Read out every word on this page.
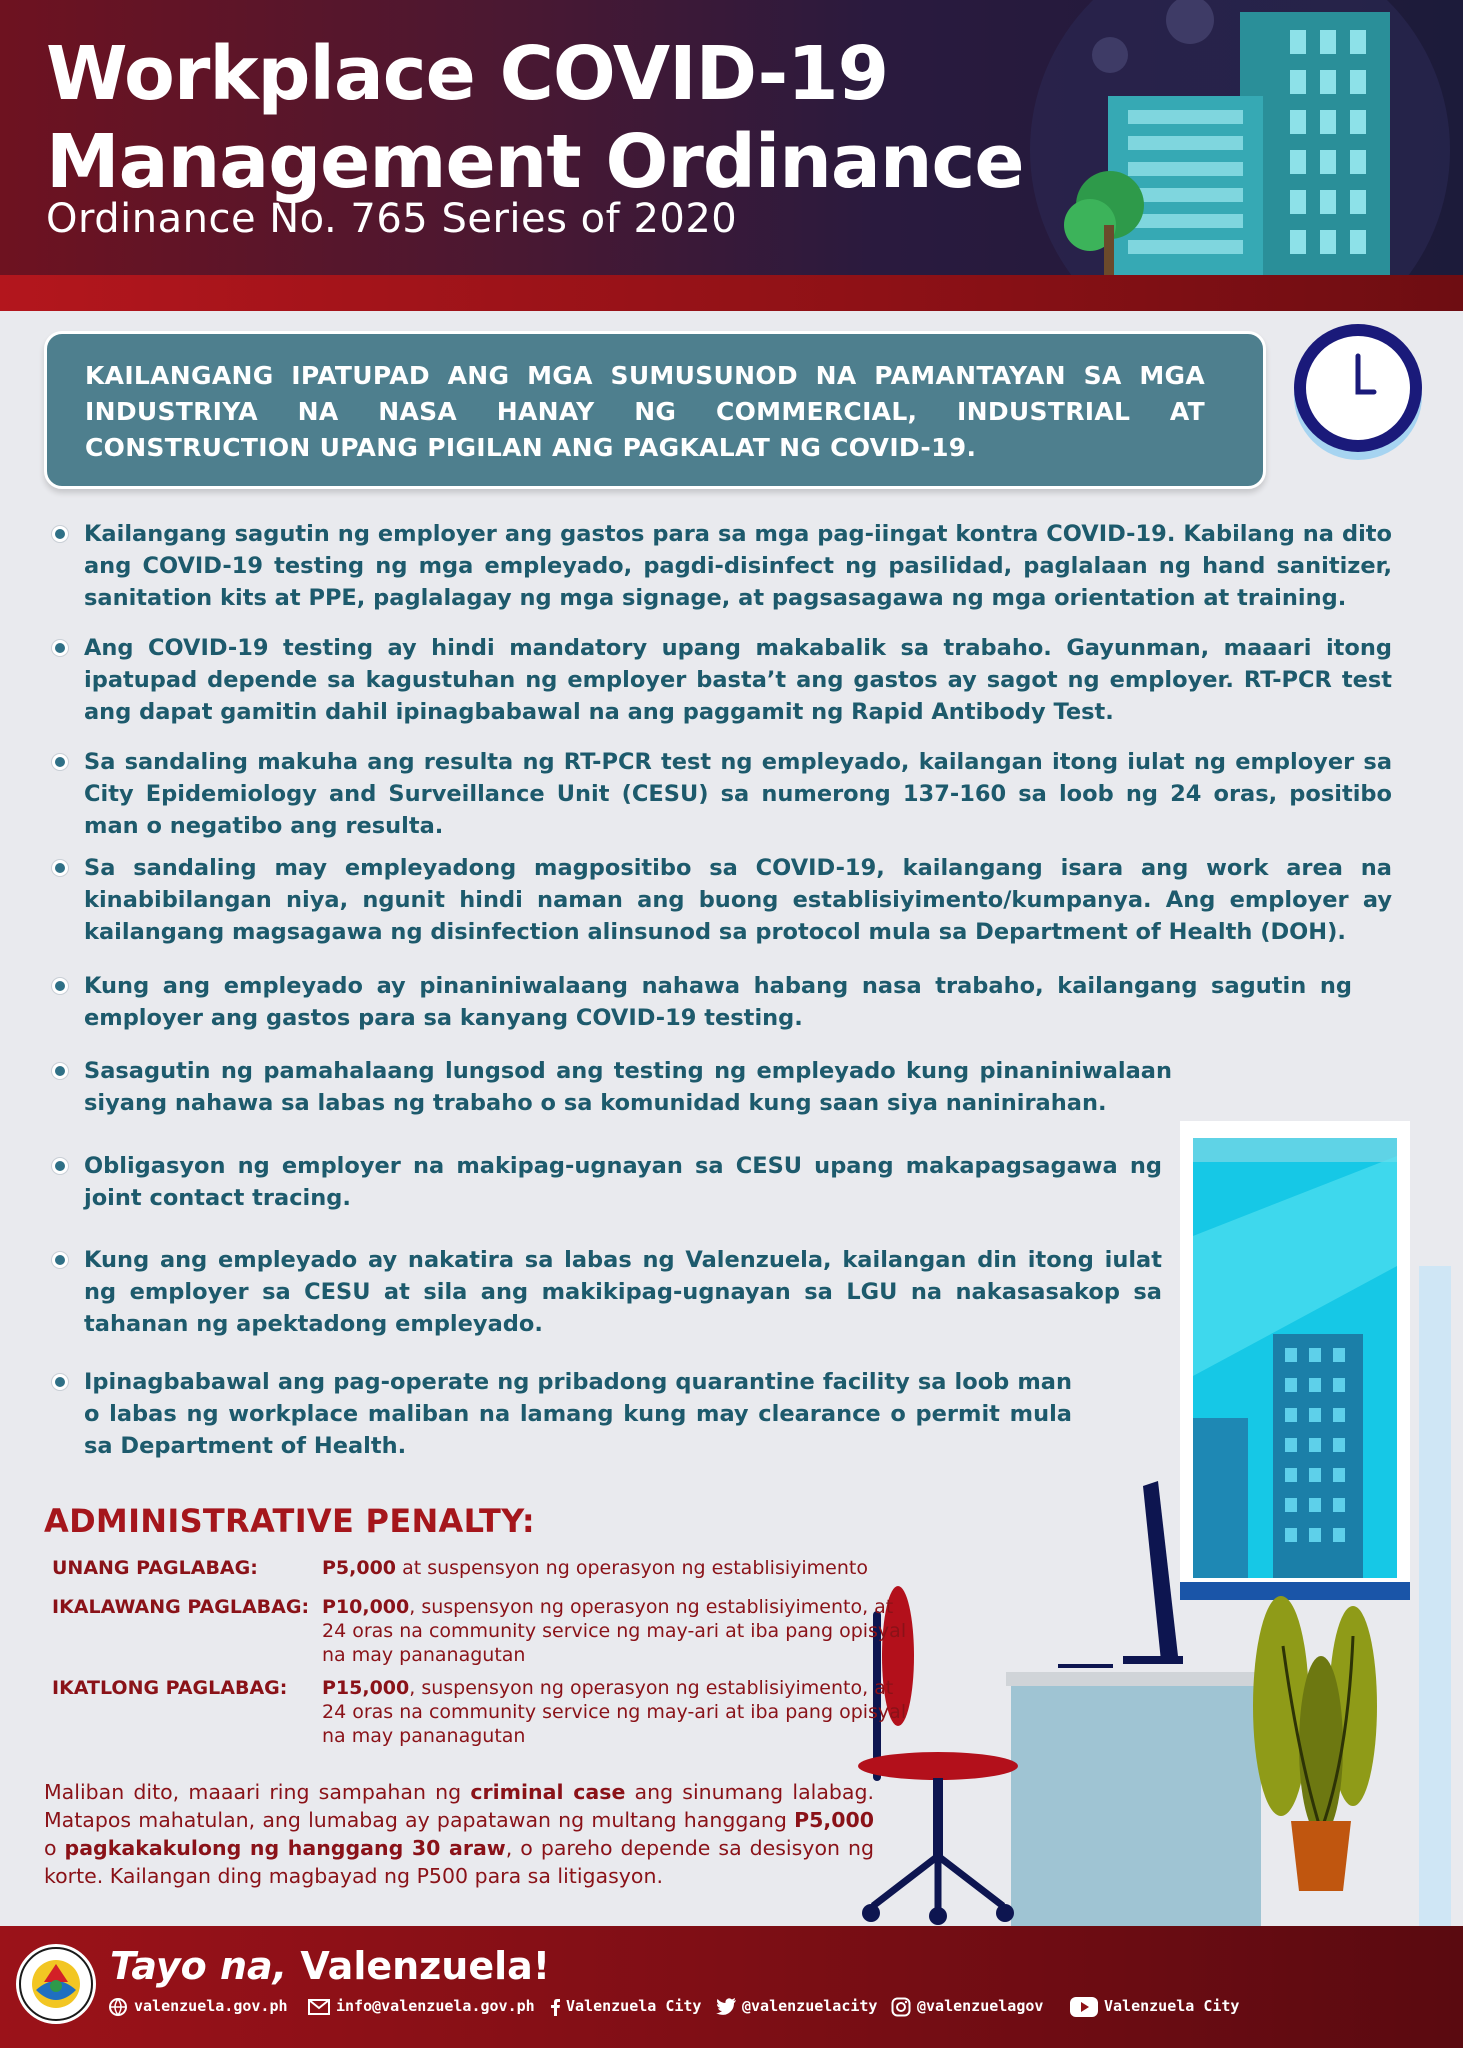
Workplace COVID-19
Management Ordinance

Ordinance No. 765 Series of 2020

KAILANGANG IPATUPAD ANG MGA SUMUSUNOD NA PAMANTAYAN SA MGA INDUSTRIYA NA NASA HANAY NG COMMERCIAL, INDUSTRIAL AT CONSTRUCTION UPANG PIGILAN ANG PAGKALAT NG COVID-19.

Kailangang sagutin ng employer ang gastos para sa mga pag-iingat kontra COVID-19. Kabilang na dito ang COVID-19 testing ng mga empleyado, pagdi-disinfect ng pasilidad, paglalaan ng hand sanitizer, sanitation kits at PPE, paglalagay ng mga signage, at pagsasagawa ng mga orientation at training.

Ang COVID-19 testing ay hindi mandatory upang makabalik sa trabaho. Gayunman, maaari itong ipatupad depende sa kagustuhan ng employer basta’t ang gastos ay sagot ng employer. RT-PCR test ang dapat gamitin dahil ipinagbabawal na ang paggamit ng Rapid Antibody Test.

Sa sandaling makuha ang resulta ng RT-PCR test ng empleyado, kailangan itong iulat ng employer sa City Epidemiology and Surveillance Unit (CESU) sa numerong 137-160 sa loob ng 24 oras, positibo man o negatibo ang resulta.

Sa sandaling may empleyadong magpositibo sa COVID-19, kailangang isara ang work area na kinabibilangan niya, ngunit hindi naman ang buong establisiyimento/kumpanya. Ang employer ay kailangang magsagawa ng disinfection alinsunod sa protocol mula sa Department of Health (DOH).

Kung ang empleyado ay pinaniniwalaang nahawa habang nasa trabaho, kailangang sagutin ng employer ang gastos para sa kanyang COVID-19 testing.

Sasagutin ng pamahalaang lungsod ang testing ng empleyado kung pinaniniwalaan siyang nahawa sa labas ng trabaho o sa komunidad kung saan siya naninirahan.

Obligasyon ng employer na makipag-ugnayan sa CESU upang makapagsagawa ng joint contact tracing.

Kung ang empleyado ay nakatira sa labas ng Valenzuela, kailangan din itong iulat ng employer sa CESU at sila ang makikipag-ugnayan sa LGU na nakasasakop sa tahanan ng apektadong empleyado.

Ipinagbabawal ang pag-operate ng pribadong quarantine facility sa loob man o labas ng workplace maliban na lamang kung may clearance o permit mula sa Department of Health.

ADMINISTRATIVE PENALTY:
UNANG PAGLABAG:	P5,000 at suspensyon ng operasyon ng establisiyimento
IKALAWANG PAGLABAG: P10,000, suspensyon ng operasyon ng establisiyimento, at 24 oras na community service ng may-ari at iba pang opisyal na may pananagutan
IKATLONG PAGLABAG:	P15,000, suspensyon ng operasyon ng establisiyimento, at 24 oras na community service ng may-ari at iba pang opisyal na may pananagutan

Maliban dito, maaari ring sampahan ng criminal case ang sinumang lalabag. Matapos mahatulan, ang lumabag ay papatawan ng multang hanggang P5,000 o pagkakakulong ng hanggang 30 araw, o pareho depende sa desisyon ng korte. Kailangan ding magbayad ng P500 para sa litigasyon.

Tayo na, Valenzuela!

valenzuela.gov.ph	info@valenzuela.gov.ph	Valenzuela City	@valenzuelacity	@valenzuelagov	Valenzuela City
